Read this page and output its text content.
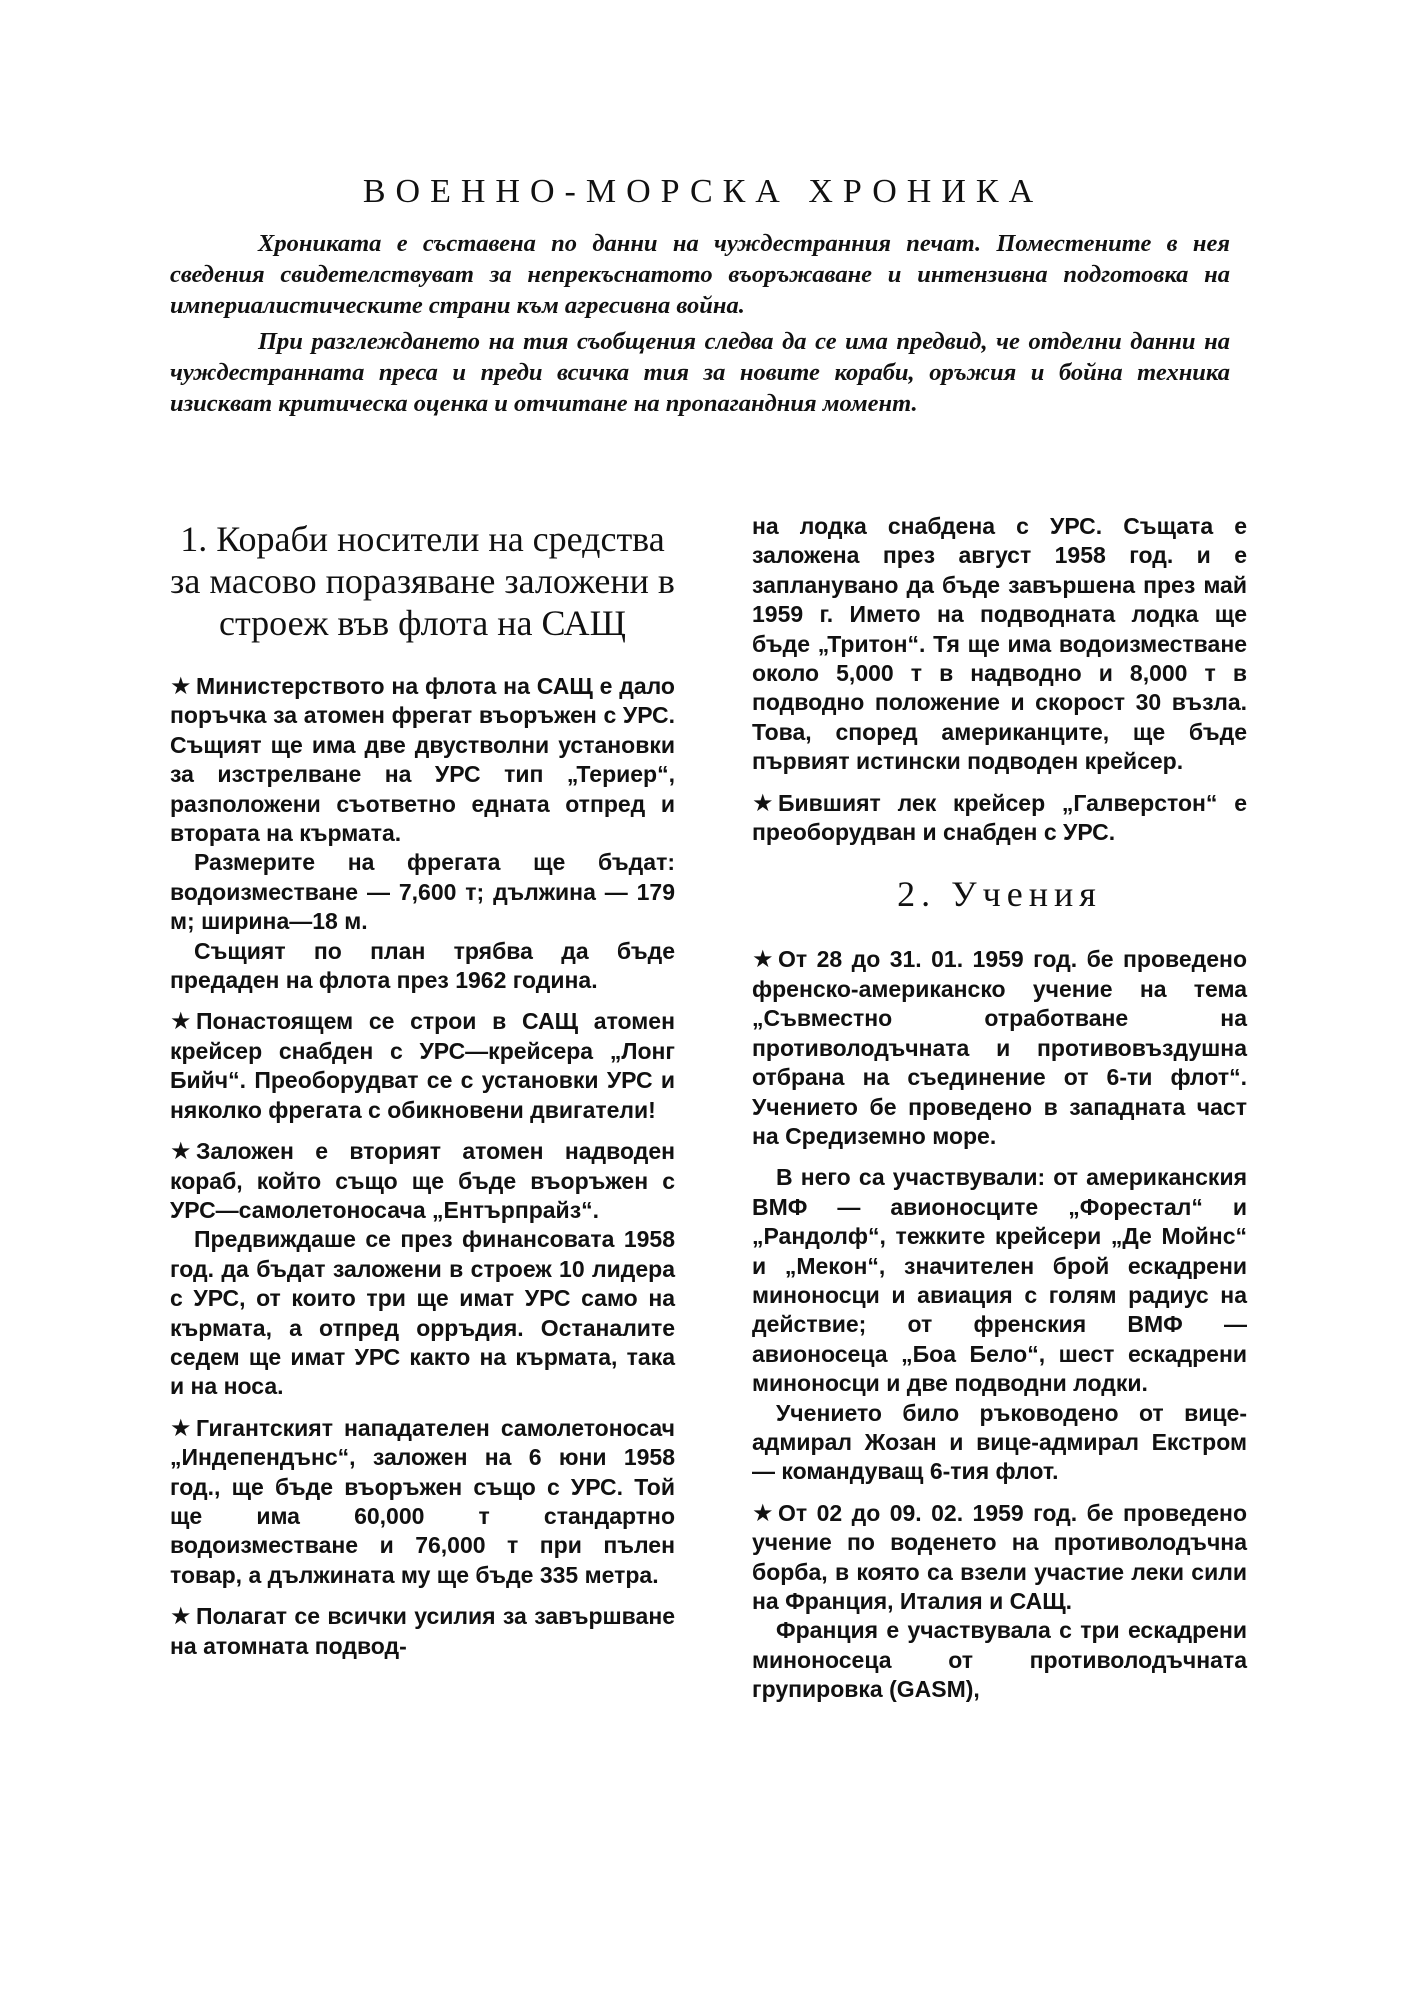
ВОЕННО-МОРСКА ХРОНИКА

Хрониката е съставена по данни на чуждестранния печат. Поместените в нея сведения свидетелствуват за непрекъснатото въоръжаване и интензивна подготовка на империалистическите страни към агресивна война.

При разглеждането на тия съобщения следва да се има предвид, че отделни данни на чуждестранната преса и преди всичка тия за новите кораби, оръжия и бойна техника изискват критическа оценка и отчитане на пропагандния момент.

1. Кораби носители на средства за масово поразяване заложени в строеж във флота на САЩ

★ Министерството на флота на САЩ е дало поръчка за атомен фрегат въоръжен с УРС. Същият ще има две двустволни установки за изстрелване на УРС тип „Териер“, разположени съответно едната отпред и втората на кърмата.

Размерите на фрегата ще бъдат: водоизместване — 7,600 т; дължина — 179 м; ширина—18 м.

Същият по план трябва да бъде предаден на флота през 1962 година.

★ Понастоящем се строи в САЩ атомен крейсер снабден с УРС—крейсера „Лонг Бийч“. Преоборудват се с установки УРС и няколко фрегата с обикновени двигатели!

★ Заложен е вторият атомен надводен кораб, който също ще бъде въоръжен с УРС—самолетоносача „Ентърпрайз“.

Предвиждаше се през финансовата 1958 год. да бъдат заложени в строеж 10 лидера с УРС, от които три ще имат УРС само на кърмата, а отпред орръдия. Останалите седем ще имат УРС както на кърмата, така и на носа.

★ Гигантският нападателен самолетоносач „Индепендънс“, заложен на 6 юни 1958 год., ще бъде въоръжен също с УРС. Той ще има 60,000 т стандартно водоизместване и 76,000 т при пълен товар, а дължината му ще бъде 335 метра.

★ Полагат се всички усилия за завършване на атомната подвод-

на лодка снабдена с УРС. Същата е заложена през август 1958 год. и е запланувано да бъде завършена през май 1959 г. Името на подводната лодка ще бъде „Тритон“. Тя ще има водоизместване около 5,000 т в надводно и 8,000 т в подводно положение и скорост 30 възла. Това, според американците, ще бъде първият истински подводен крейсер.

★ Бившият лек крейсер „Галверстон“ е преоборудван и снабден с УРС.

2. Учения

★ От 28 до 31. 01. 1959 год. бе проведено френско-американско учение на тема „Съвместно отработване на противолодъчната и противовъздушна отбрана на съединение от 6-ти флот“. Учението бе проведено в западната част на Средиземно море.

В него са участвували: от американския ВМФ — авионосците „Форестал“ и „Рандолф“, тежките крейсери „Де Мойнс“ и „Мекон“, значителен брой ескадрени миноносци и авиация с голям радиус на действие; от френския ВМФ — авионосеца „Боа Бело“, шест ескадрени миноносци и две подводни лодки.

Учението било ръководено от вице-адмирал Жозан и вице-адмирал Екстром — командуващ 6-тия флот.

★ От 02 до 09. 02. 1959 год. бе проведено учение по воденето на противолодъчна борба, в която са взели участие леки сили на Франция, Италия и САЩ.

Франция е участвувала с три ескадрени миноносеца от противолодъчната групировка (GASM),
